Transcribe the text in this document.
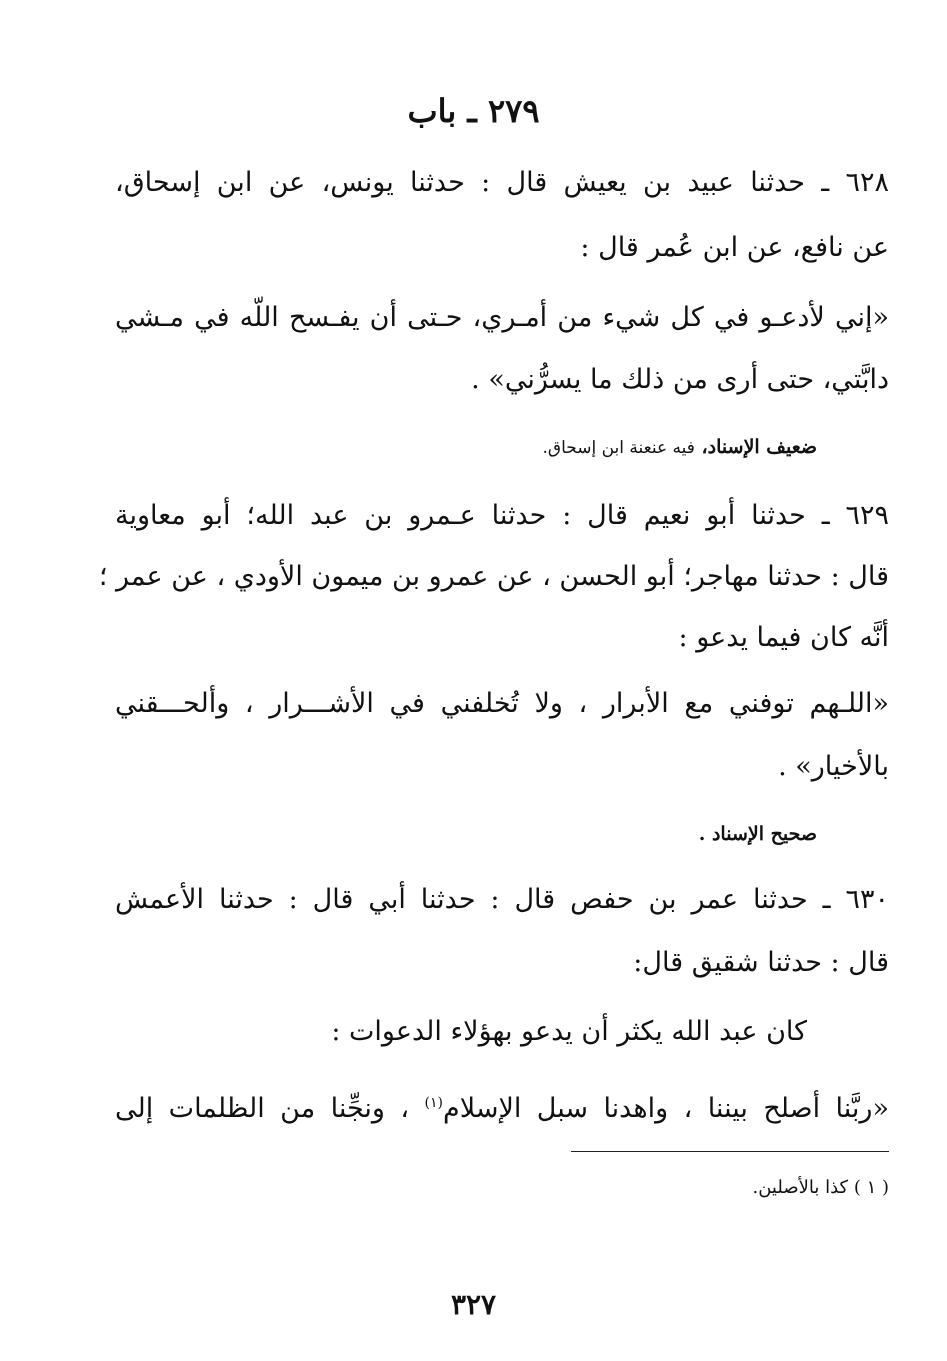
٢٧٩ ـ باب
٦٢٨ ـ حدثنا عبيد بن يعيش قال : حدثنا يونس، عن ابن إسحاق،
عن نافع، عن ابن عُمر قال :
«إني لأدعـو في كل شيء من أمـري، حـتى أن يفـسح اللّه في مـشي
دابَّتي، حتى أرى من ذلك ما يسرُّني» .
ضعيف الإسناد، فيه عنعنة ابن إسحاق.
٦٢٩ ـ حدثنا أبو نعيم قال : حدثنا عـمرو بن عبد الله؛ أبو معاوية
قال : حدثنا مهاجر؛ أبو الحسن ، عن عمرو بن ميمون الأودي ، عن عمر ؛
أنَّه كان فيما يدعو :
«اللـهم توفني مع الأبرار ، ولا تُخلفني في الأشـــرار ، وألحـــقني
بالأخيار» .
صحيح الإسناد .
٦٣٠ ـ حدثنا عمر بن حفص قال : حدثنا أبي قال : حدثنا الأعمش
قال : حدثنا شقيق قال:
كان عبد الله يكثر أن يدعو بهؤلاء الدعوات :
«ربَّنا أصلح بيننا ، واهدنا سبل الإسلام$^{(١)}$ ، ونجِّنا من الظلمات إلى
( ١ ) كذا بالأصلين.
٣٢٧
